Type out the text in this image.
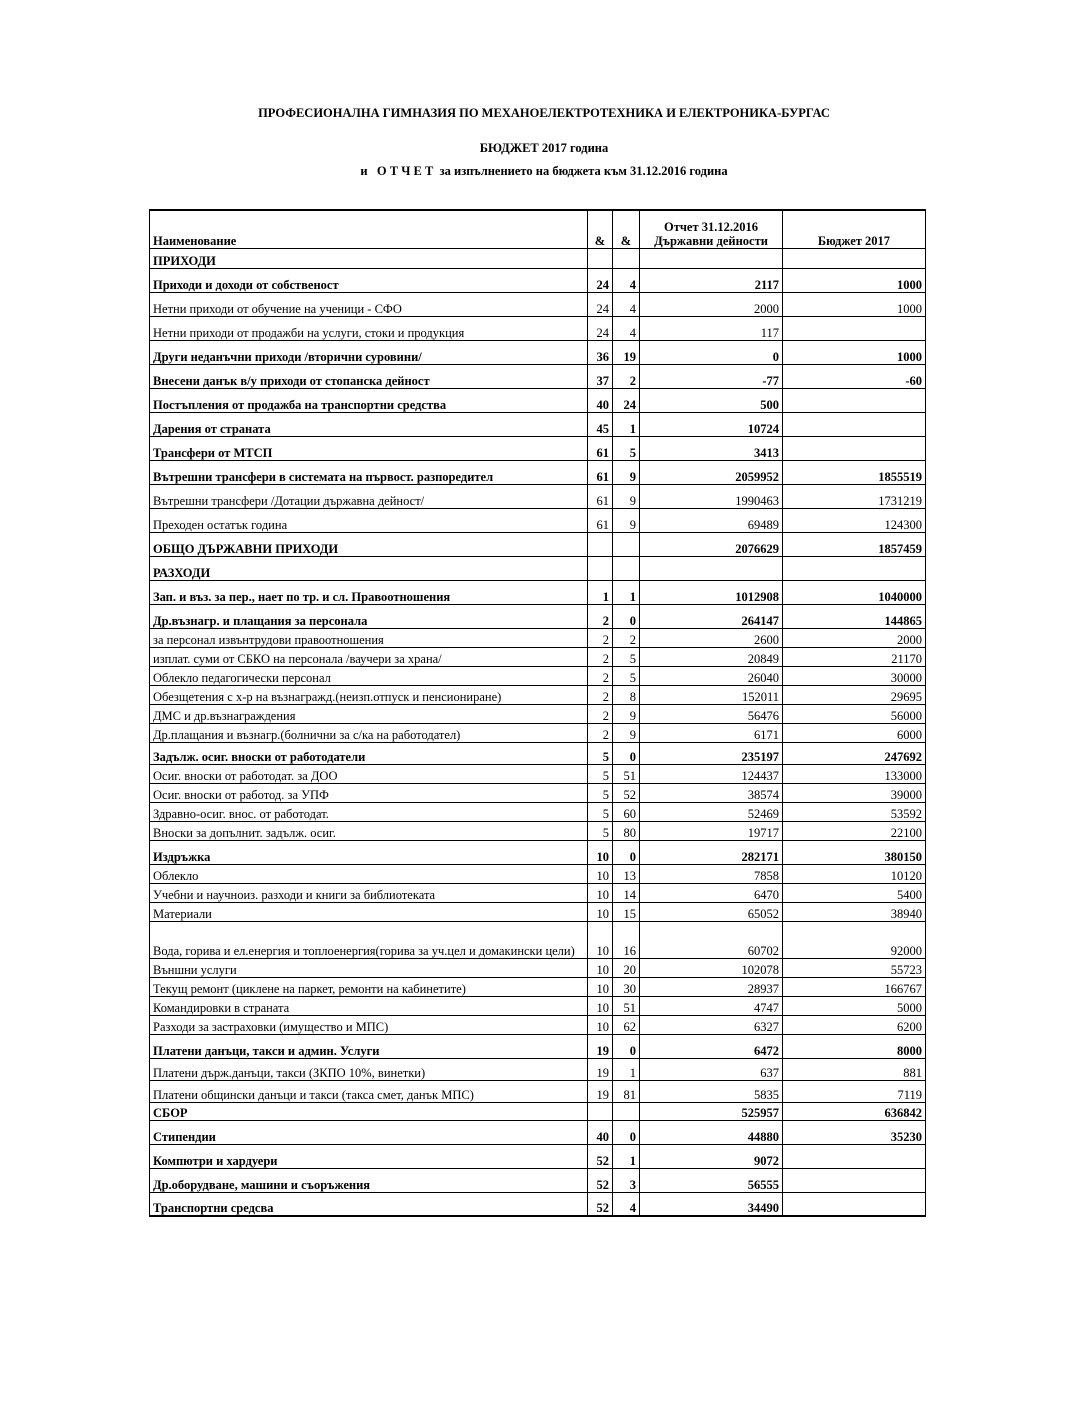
ПРОФЕСИОНАЛНА ГИМНАЗИЯ ПО МЕХАНОЕЛЕКТРОТЕХНИКА И ЕЛЕКТРОНИКА-БУРГАС
БЮДЖЕТ 2017 година
и   О Т Ч Е Т  за изпълнението на бюджета към 31.12.2016 година
Наименование	&	&	Отчет 31.12.2016
Държавни дейности	Бюджет 2017
ПРИХОДИ				
Приходи и доходи от собственост	24	4	2117	1000
Нетни приходи от обучение на ученици - СФО	24	4	2000	1000
Нетни приходи от продажби на услуги, стоки и продукция	24	4	117	
Други неданъчни приходи /вторични суровини/	36	19	0	1000
Внесени данък в/у приходи от стопанска дейност	37	2	-77	-60
Постъпления от продажба на транспортни средства	40	24	500	
Дарения от страната	45	1	10724	
Трансфери от МТСП	61	5	3413	
Вътрешни трансфери в системата на първост. разпоредител	61	9	2059952	1855519
Вътрешни трансфери /Дотации държавна дейност/	61	9	1990463	1731219
Преходен остатък година	61	9	69489	124300
ОБЩО ДЪРЖАВНИ ПРИХОДИ			2076629	1857459
РАЗХОДИ				
Зап. и въз. за пер., нает по тр. и сл. Правоотношения	1	1	1012908	1040000
Др.възнагр. и плащания за персонала	2	0	264147	144865
за персонал извънтрудови правоотношения	2	2	2600	2000
изплат. суми от СБКО на персонала /ваучери за храна/	2	5	20849	21170
Облекло педагогически персонал	2	5	26040	30000
Обезщетения с х-р на възнагражд.(неизп.отпуск и пенсиониране)	2	8	152011	29695
ДМС и др.възнаграждения	2	9	56476	56000
Др.плащания и възнагр.(болнични за с/ка на работодател)	2	9	6171	6000
Задълж. осиг. вноски от работодатели	5	0	235197	247692
Осиг. вноски от работодат. за ДОО	5	51	124437	133000
Осиг. вноски от работод. за УПФ	5	52	38574	39000
Здравно-осиг. вноc. от работодат.	5	60	52469	53592
Вноски за допълнит. задълж. осиг.	5	80	19717	22100
Издръжка	10	0	282171	380150
Облекло	10	13	7858	10120
Учебни и научноиз. разходи и книги за библиотеката	10	14	6470	5400
Материали	10	15	65052	38940
Вода, горива и ел.енергия и топлоенергия(горива за уч.цел и домакински цели)	10	16	60702	92000
Външни услуги	10	20	102078	55723
Текущ ремонт (циклене на паркет, ремонти на кабинетите)	10	30	28937	166767
Командировки в страната	10	51	4747	5000
Разходи за застраховки (имущество и МПС)	10	62	6327	6200
Платени данъци, такси и админ. Услуги	19	0	6472	8000
Платени държ.данъци, такси (ЗКПО 10%, винетки)	19	1	637	881
Платени общински данъци и такси (такса смет, данък МПС)	19	81	5835	7119
СБОР			525957	636842
Стипендии	40	0	44880	35230
Компютри и хардуери	52	1	9072	
Др.оборудване, машини и съоръжения	52	3	56555	
Транспортни средсва	52	4	34490	
